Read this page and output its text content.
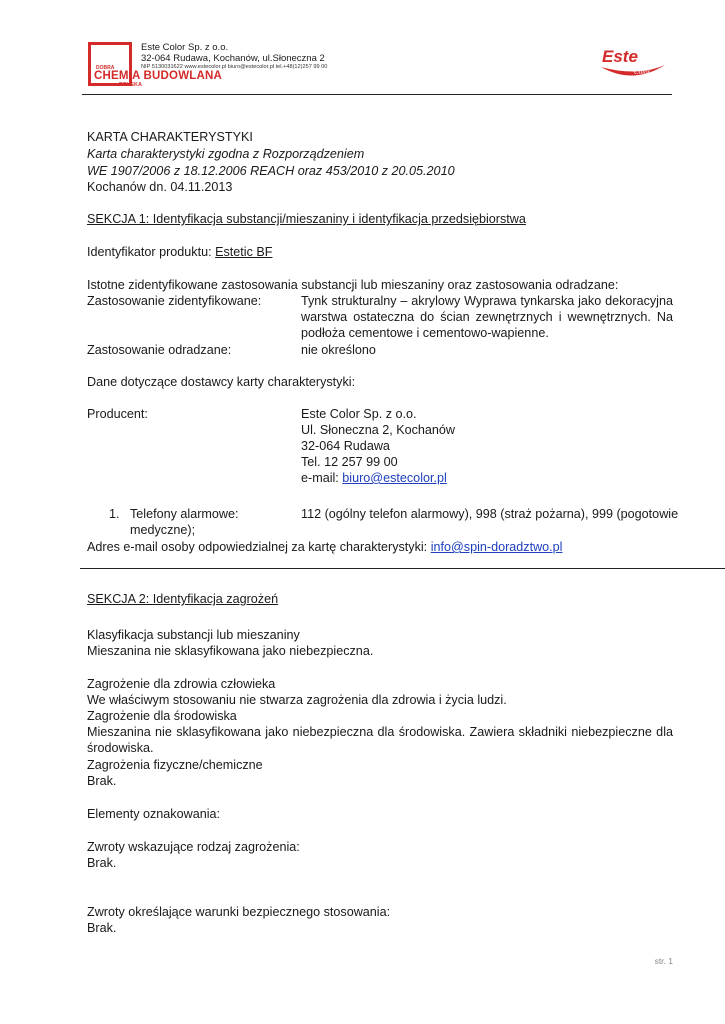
DOBRA
CHEMIA BUDOWLANA
POLSKA
Este Color Sp. z o.o.
32-064 Rudawa, Kochanów, ul.Słoneczna 2
NIP 5130031622 www.estecolor.pl biuro@estecolor.pl tel.+48(12)257 99 00
Este
Color
KARTA CHARAKTERYSTYKI
Karta charakterystyki zgodna z Rozporządzeniem
WE 1907/2006 z 18.12.2006 REACH oraz 453/2010 z 20.05.2010
Kochanów dn. 04.11.2013
SEKCJA 1: Identyfikacja substancji/mieszaniny i identyfikacja przedsiębiorstwa
Identyfikator produktu: Estetic BF
Istotne zidentyfikowane zastosowania substancji lub mieszaniny oraz zastosowania odradzane:
Zastosowanie zidentyfikowane:	Tynk strukturalny – akrylowy Wyprawa tynkarska jako dekoracyjna
warstwa ostateczna do ścian zewnętrznych i wewnętrznych. Na
podłoża cementowe i cementowo-wapienne.
Zastosowanie odradzane:	nie określono
Dane dotyczące dostawcy karty charakterystyki:
Producent:	Este Color Sp. z o.o.
Ul. Słoneczna 2, Kochanów
32-064 Rudawa
Tel. 12 257 99 00
e-mail: biuro@estecolor.pl
1. Telefony alarmowe:	112 (ogólny telefon alarmowy), 998 (straż pożarna), 999 (pogotowie
medyczne);
Adres e-mail osoby odpowiedzialnej za kartę charakterystyki: info@spin-doradztwo.pl
SEKCJA 2: Identyfikacja zagrożeń
Klasyfikacja substancji lub mieszaniny
Mieszanina nie sklasyfikowana jako niebezpieczna.
Zagrożenie dla zdrowia człowieka
We właściwym stosowaniu nie stwarza zagrożenia dla zdrowia i życia ludzi.
Zagrożenie dla środowiska
Mieszanina nie sklasyfikowana jako niebezpieczna dla środowiska. Zawiera składniki niebezpieczne dla
środowiska.
Zagrożenia fizyczne/chemiczne
Brak.
Elementy oznakowania:
Zwroty wskazujące rodzaj zagrożenia:
Brak.
Zwroty określające warunki bezpiecznego stosowania:
Brak.
str. 1
